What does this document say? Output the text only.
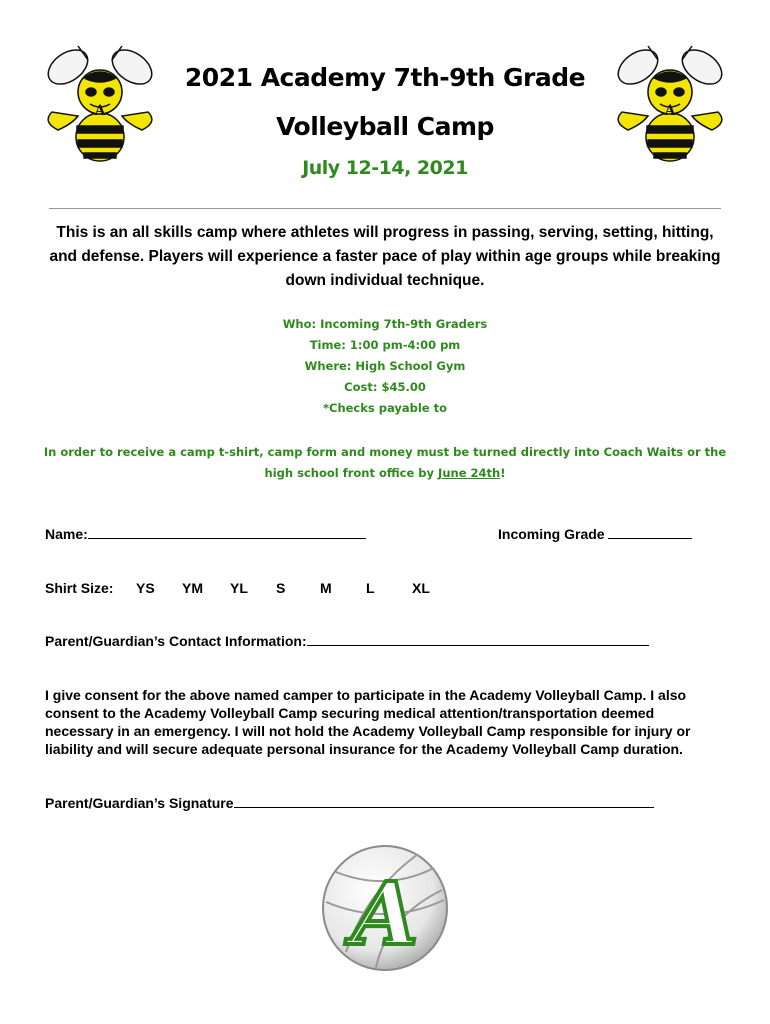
A	A
2021 Academy 7th-9th Grade
Volleyball Camp
July 12-14, 2021
This is an all skills camp where athletes will progress in passing, serving, setting, hitting, and defense. Players will experience a faster pace of play within age groups while breaking down individual technique.
Who: Incoming 7th-9th Graders
Time: 1:00 pm-4:00 pm
Where: High School Gym
Cost: $45.00
*Checks payable to
In order to receive a camp t-shirt, camp form and money must be turned directly into Coach Waits or the high school front office by June 24th!
Name:	Incoming Grade
Shirt Size: YS YM YL S M L	XL
Parent/Guardian’s Contact Information:
I give consent for the above named camper to participate in the Academy Volleyball Camp. I also consent to the Academy Volleyball Camp securing medical attention/transportation deemed necessary in an emergency. I will not hold the Academy Volleyball Camp responsible for injury or liability and will secure adequate personal insurance for the Academy Volleyball Camp duration.
Parent/Guardian’s Signature
A
